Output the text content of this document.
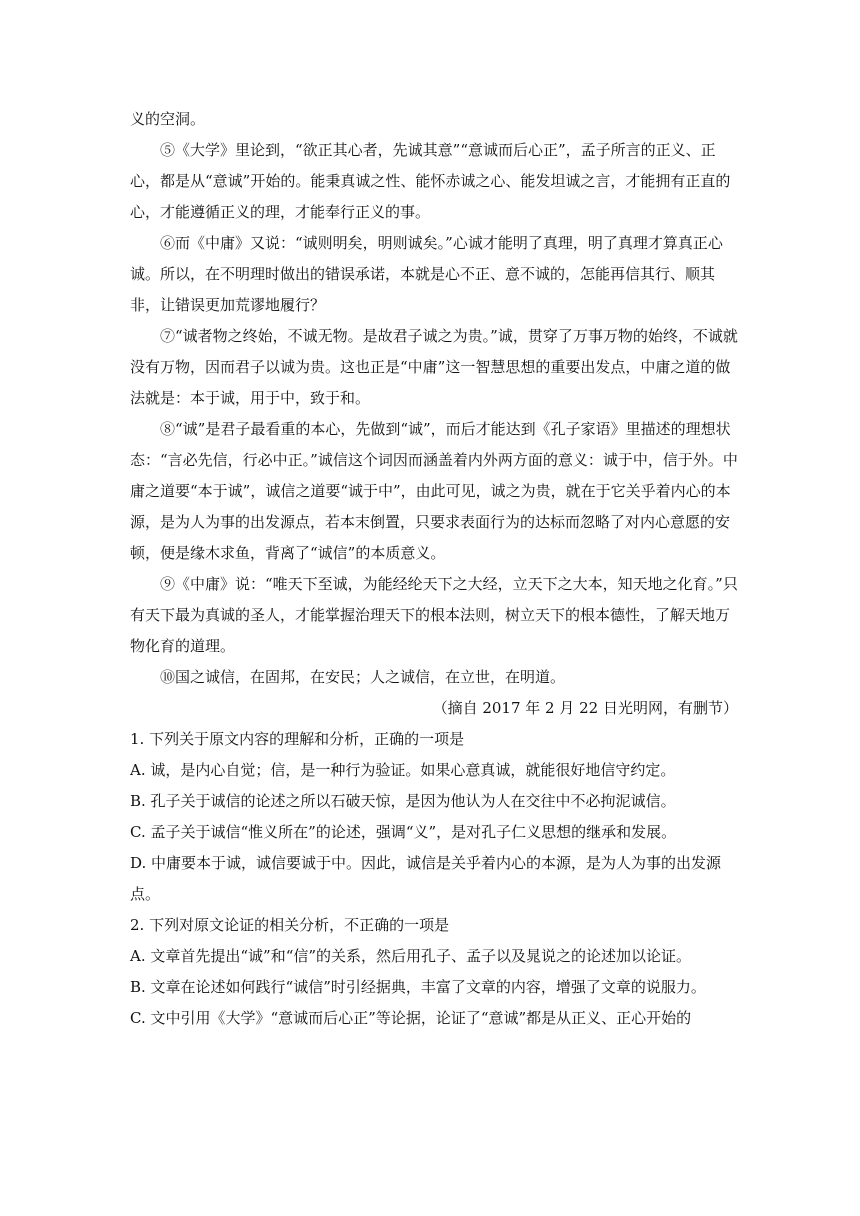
义的空洞。

⑤《大学》里论到，“欲正其心者，先诚其意”“意诚而后心正”，孟子所言的正义、正心，都是从“意诚”开始的。能秉真诚之性、能怀赤诚之心、能发坦诚之言，才能拥有正直的心，才能遵循正义的理，才能奉行正义的事。

⑥而《中庸》又说：“诚则明矣，明则诚矣。”心诚才能明了真理，明了真理才算真正心诚。所以，在不明理时做出的错误承诺，本就是心不正、意不诚的，怎能再信其行、顺其非，让错误更加荒谬地履行？

⑦“诚者物之终始，不诚无物。是故君子诚之为贵。”诚，贯穿了万事万物的始终，不诚就没有万物，因而君子以诚为贵。这也正是“中庸”这一智慧思想的重要出发点，中庸之道的做法就是：本于诚，用于中，致于和。

⑧“诚”是君子最看重的本心，先做到“诚”，而后才能达到《孔子家语》里描述的理想状态：“言必先信，行必中正。”诚信这个词因而涵盖着内外两方面的意义：诚于中，信于外。中庸之道要“本于诚”，诚信之道要“诚于中”，由此可见，诚之为贵，就在于它关乎着内心的本源，是为人为事的出发源点，若本末倒置，只要求表面行为的达标而忽略了对内心意愿的安顿，便是缘木求鱼，背离了“诚信”的本质意义。

⑨《中庸》说：“唯天下至诚，为能经纶天下之大经，立天下之大本，知天地之化育。”只有天下最为真诚的圣人，才能掌握治理天下的根本法则，树立天下的根本德性，了解天地万物化育的道理。

⑩国之诚信，在固邦，在安民；人之诚信，在立世，在明道。

（摘自 2017 年 2 月 22 日光明网，有删节）

1. 下列关于原文内容的理解和分析，正确的一项是

A. 诚，是内心自觉；信，是一种行为验证。如果心意真诚，就能很好地信守约定。

B. 孔子关于诚信的论述之所以石破天惊，是因为他认为人在交往中不必拘泥诚信。

C. 孟子关于诚信“惟义所在”的论述，强调“义”，是对孔子仁义思想的继承和发展。

D. 中庸要本于诚，诚信要诚于中。因此，诚信是关乎着内心的本源，是为人为事的出发源点。

2. 下列对原文论证的相关分析，不正确的一项是

A. 文章首先提出“诚”和“信”的关系，然后用孔子、孟子以及晁说之的论述加以论证。

B. 文章在论述如何践行“诚信”时引经据典，丰富了文章的内容，增强了文章的说服力。

C. 文中引用《大学》“意诚而后心正”等论据，论证了“意诚”都是从正义、正心开始的
